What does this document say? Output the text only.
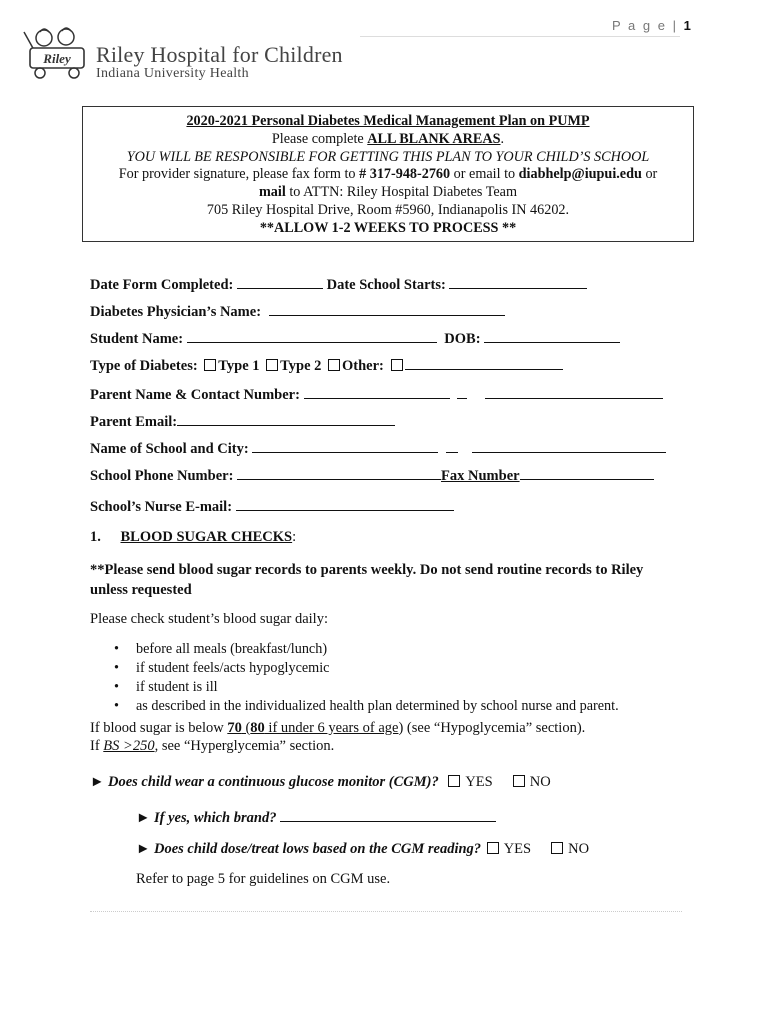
P a g e | 1
Riley Riley Hospital for Children
Indiana University Health
2020-2021 Personal Diabetes Medical Management Plan on PUMP
Please complete ALL BLANK AREAS.
YOU WILL BE RESPONSIBLE FOR GETTING THIS PLAN TO YOUR CHILD’S SCHOOL
For provider signature, please fax form to # 317-948-2760 or email to diabhelp@iupui.edu or
mail to ATTN: Riley Hospital Diabetes Team
705 Riley Hospital Drive, Room #5960, Indianapolis IN 46202.
**ALLOW 1-2 WEEKS TO PROCESS **
Date Form Completed:	Date School Starts:
Diabetes Physician’s Name:
Student Name:	DOB:
Type of Diabetes: Type 1 Type 2 Other:
Parent Name & Contact Number:
Parent Email:
Name of School and City:
School Phone Number:	Fax Number
School’s Nurse E-mail:
1. BLOOD SUGAR CHECKS:
**Please send blood sugar records to parents weekly. Do not send routine records to Riley
unless requested
Please check student’s blood sugar daily:
• before all meals (breakfast/lunch)
• if student feels/acts hypoglycemic
• if student is ill
• as described in the individualized health plan determined by school nurse and parent.
If blood sugar is below 70 (80 if under 6 years of age) (see “Hypoglycemia” section).
If BS >250, see “Hyperglycemia” section.
► Does child wear a continuous glucose monitor (CGM)? YES	NO
► If yes, which brand?
► Does child dose/treat lows based on the CGM reading? YES	NO
Refer to page 5 for guidelines on CGM use.
